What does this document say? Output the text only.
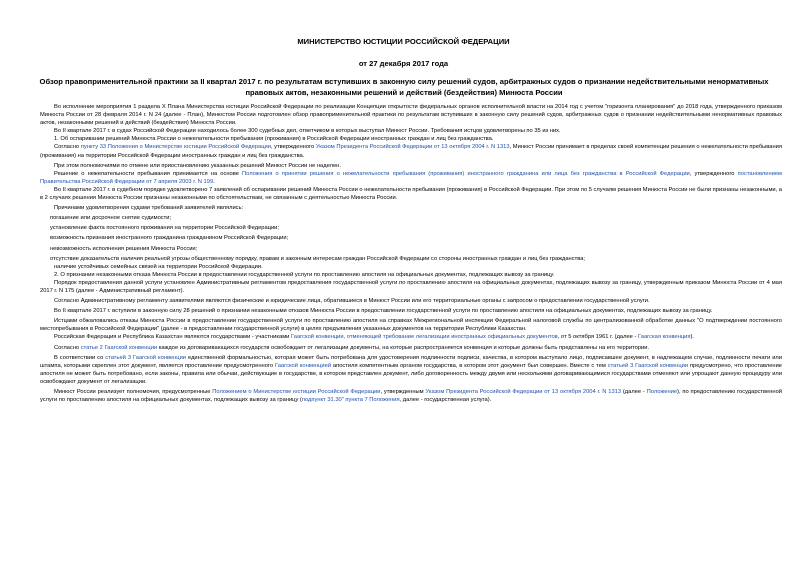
МИНИСТЕРСТВО ЮСТИЦИИ РОССИЙСКОЙ ФЕДЕРАЦИИ
от 27 декабря 2017 года
Обзор правоприменительной практики за II квартал 2017 г. по результатам вступивших в законную силу решений судов, арбитражных судов о признании недействительными ненормативных правовых актов, незаконными решений и действий (бездействия) Минюста России

Во исполнение мероприятия 1 раздела X Плана Министерства юстиции Российской Федерации по реализации Концепции открытости федеральных органов исполнительной власти на 2014 год с учетом "горизонта планирования" до 2018 года, утвержденного приказом Минюста России от 28 февраля 2014 г. N 24 (далее - План), Минюстом России подготовлен обзор правоприменительной практики по результатам вступивших в законную силу решений судов, арбитражных судов о признании недействительными ненормативных правовых актов, незаконными решений и действий (бездействия) Минюста России.

Во II квартале 2017 г. в судах Российской Федерации находилось более 300 судебных дел, ответчиком в которых выступал Минюст России. Требования истцов удовлетворены по 35 из них.

1. Об оспаривании решений Минюста России о нежелательности пребывания (проживания) в Российской Федерации иностранных граждан и лиц без гражданства.

Согласно пункту 33 Положения о Министерстве юстиции Российской Федерации, утвержденного Указом Президента Российской Федерации от 13 октября 2004 г. N 1313, Минюст России принимает в пределах своей компетенции решения о нежелательности пребывания (проживания) на территории Российской Федерации иностранных граждан и лиц без гражданства.

При этом полномочиями по отмене или приостановлению указанных решений Минюст России не наделен.

Решение о нежелательности пребывания принимается на основе Положения о принятии решения о нежелательности пребывания (проживания) иностранного гражданина или лица без гражданства в Российской Федерации, утвержденного постановлением Правительства Российской Федерации от 7 апреля 2003 г. N 199.

Во II квартале 2017 г. в судебном порядке удовлетворено 7 заявлений об оспаривании решений Минюста России о нежелательности пребывания (проживания) в Российской Федерации. При этом по 5 случаям решения Минюста России не были признаны незаконными, а в 2 случаях решения Минюста России признаны незаконными по обстоятельствам, не связанным с деятельностью Минюста России.

Причинами удовлетворения судами требований заявителей являлись:

погашение или досрочное снятие судимости;

установление факта постоянного проживания на территории Российской Федерации;

возможность признания иностранного гражданина гражданином Российской Федерации;

невозможность исполнения решения Минюста России;

отсутствие доказательств наличия реальной угрозы общественному порядку, правам и законным интересам граждан Российской Федерации со стороны иностранных граждан и лиц без гражданства;

наличие устойчивых семейных связей на территории Российской Федерации.

2. О признании незаконными отказа Минюста России в предоставлении государственной услуги по проставлению апостиля на официальных документах, подлежащих вывозу за границу.

Порядок предоставления данной услуги установлен Административным регламентом предоставления государственной услуги по проставлению апостиля на официальных документах, подлежащих вывозу за границу, утвержденным приказом Минюста России от 4 мая 2017 г. N 175 (далее - Административный регламент).

Согласно Административному регламенту заявителями являются физические и юридические лица, обратившиеся в Минюст России или его территориальные органы с запросом о предоставлении государственной услуги.

Во II квартале 2017 г. вступили в законную силу 28 решений о признании незаконными отказов Минюста России в предоставлении государственной услуги по проставлению апостиля на официальных документах, подлежащих вывозу за границу.

Истцами обжаловались отказы Минюста России в предоставлении государственной услуги по проставлению апостиля на справках Межрегиональной инспекции Федеральной налоговой службы по централизованной обработке данных "О подтверждении постоянного местопребывания в Российской Федерации" (далее - в предоставлении государственной услуги) в целях предъявления указанных документов на территории Республики Казахстан.

Российская Федерация и Республика Казахстан являются государствами - участниками Гаагской конвенции, отменяющей требование легализации иностранных официальных документов, от 5 октября 1961 г. (далее - Гаагская конвенция).

Согласно статье 2 Гаагской конвенции каждое из договаривающихся государств освобождает от легализации документы, на которые распространяется конвенция и которые должны быть представлены на его территории.

В соответствии со статьей 3 Гаагской конвенции единственной формальностью, которая может быть потребована для удостоверения подлинности подписи, качества, в котором выступало лицо, подписавшее документ, в надлежащем случае, подлинности печати или штампа, которыми скреплен этот документ, является проставление предусмотренного Гаагской конвенцией апостиля компетентным органом государства, в котором этот документ был совершен. Вместе с тем статьей 3 Гаагской конвенции предусмотрено, что проставление апостиля не может быть потребовано, если законы, правила или обычаи, действующие в государстве, в котором представлен документ, либо договоренность между двумя или несколькими договаривающимися государствами отменяют или упрощают данную процедуру или освобождают документ от легализации.

Минюст России реализует полномочия, предусмотренные Положением о Министерстве юстиции Российской Федерации, утвержденным Указом Президента Российской Федерации от 13 октября 2004 г. N 1313 (далее - Положение), по предоставлению государственной услуги по проставлению апостиля на официальных документах, подлежащих вывозу за границу (подпункт 31.30" пункта 7 Положения, далее - государственная услуга).
